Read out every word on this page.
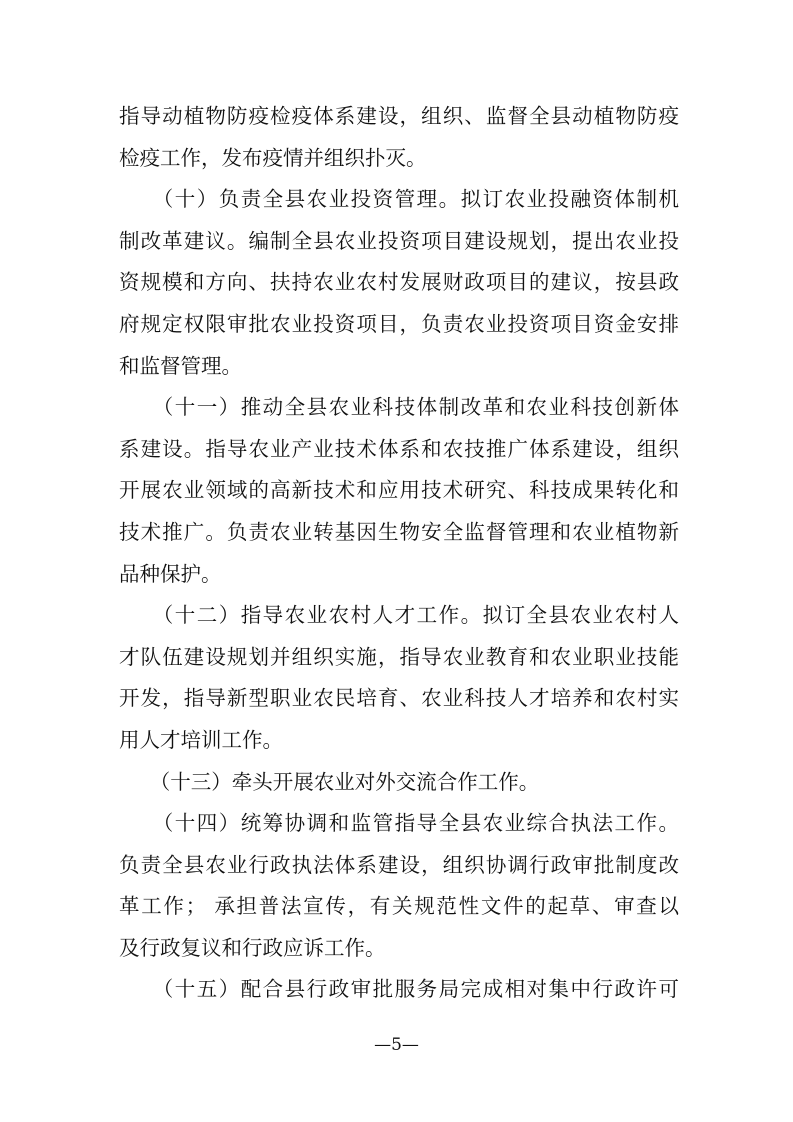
指导动植物防疫检疫体系建设，组织、监督全县动植物防疫
检疫工作，发布疫情并组织扑灭。
　　（十）负责全县农业投资管理。拟订农业投融资体制机
制改革建议。编制全县农业投资项目建设规划，提出农业投
资规模和方向、扶持农业农村发展财政项目的建议，按县政
府规定权限审批农业投资项目，负责农业投资项目资金安排
和监督管理。
　　（十一）推动全县农业科技体制改革和农业科技创新体
系建设。指导农业产业技术体系和农技推广体系建设，组织
开展农业领域的高新技术和应用技术研究、科技成果转化和
技术推广。负责农业转基因生物安全监督管理和农业植物新
品种保护。
　　（十二）指导农业农村人才工作。拟订全县农业农村人
才队伍建设规划并组织实施，指导农业教育和农业职业技能
开发，指导新型职业农民培育、农业科技人才培养和农村实
用人才培训工作。
　　（十三）牵头开展农业对外交流合作工作。
　　（十四）统筹协调和监管指导全县农业综合执法工作。
负责全县农业行政执法体系建设，组织协调行政审批制度改
革工作； 承担普法宣传，有关规范性文件的起草、审查以
及行政复议和行政应诉工作。
　　（十五）配合县行政审批服务局完成相对集中行政许可
—5—
